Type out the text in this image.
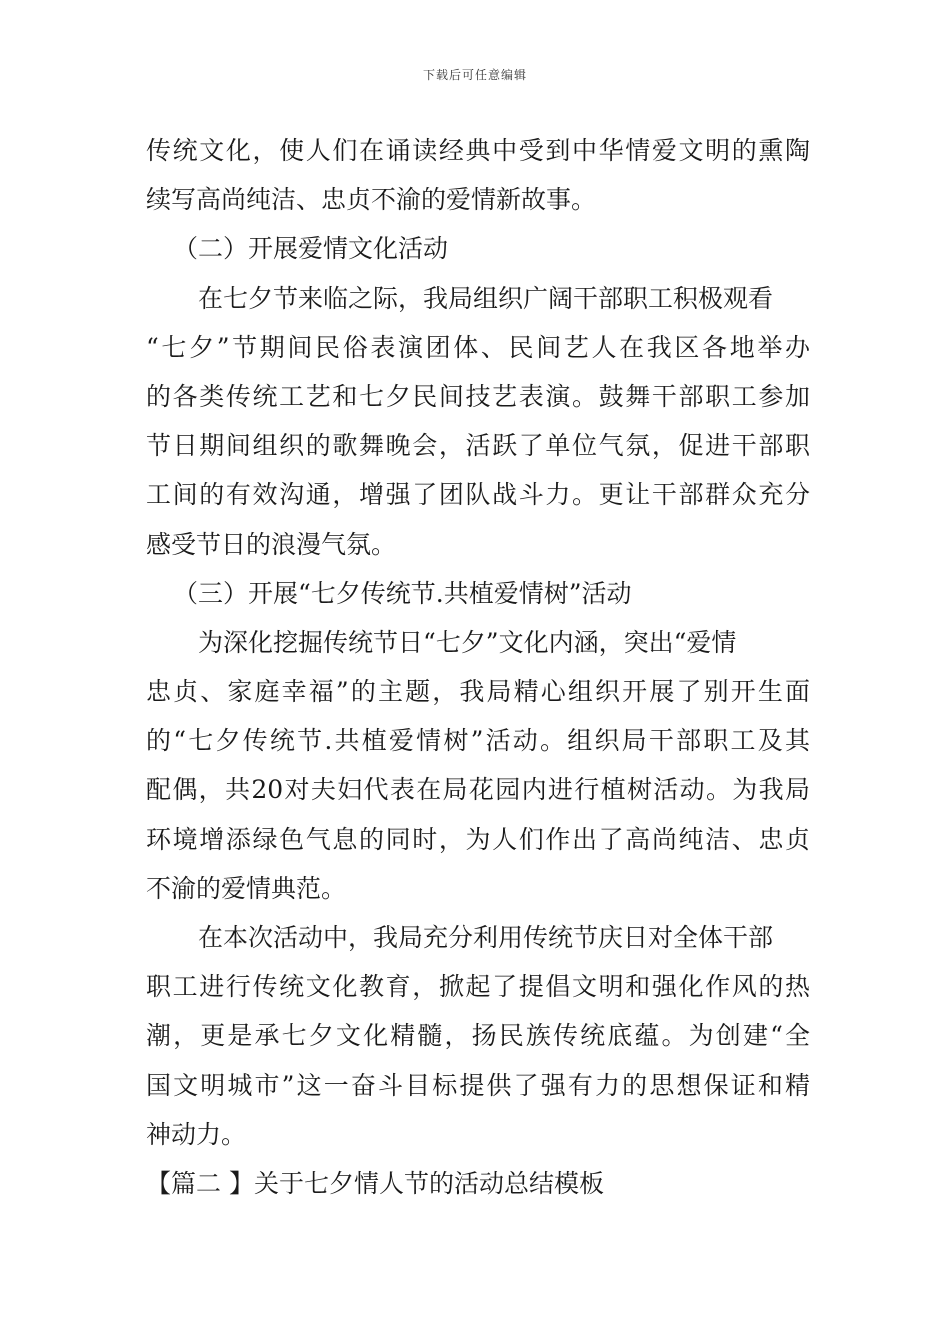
下载后可任意编辑
传统文化，使人们在诵读经典中受到中华情爱文明的熏陶
续写高尚纯洁、忠贞不渝的爱情新故事。
（二）开展爱情文化活动
在七夕节来临之际，我局组织广阔干部职工积极观看
“七夕”节期间民俗表演团体、民间艺人在我区各地举办
的各类传统工艺和七夕民间技艺表演。鼓舞干部职工参加
节日期间组织的歌舞晚会，活跃了单位气氛，促进干部职
工间的有效沟通，增强了团队战斗力。更让干部群众充分
感受节日的浪漫气氛。
（三）开展“七夕传统节.共植爱情树”活动
为深化挖掘传统节日“七夕”文化内涵，突出“爱情
忠贞、家庭幸福”的主题，我局精心组织开展了别开生面
的“七夕传统节.共植爱情树”活动。组织局干部职工及其
配偶，共20对夫妇代表在局花园内进行植树活动。为我局
环境增添绿色气息的同时，为人们作出了高尚纯洁、忠贞
不渝的爱情典范。
在本次活动中，我局充分利用传统节庆日对全体干部
职工进行传统文化教育，掀起了提倡文明和强化作风的热
潮，更是承七夕文化精髓，扬民族传统底蕴。为创建“全
国文明城市”这一奋斗目标提供了强有力的思想保证和精
神动力。
【篇二 】关于七夕情人节的活动总结模板
